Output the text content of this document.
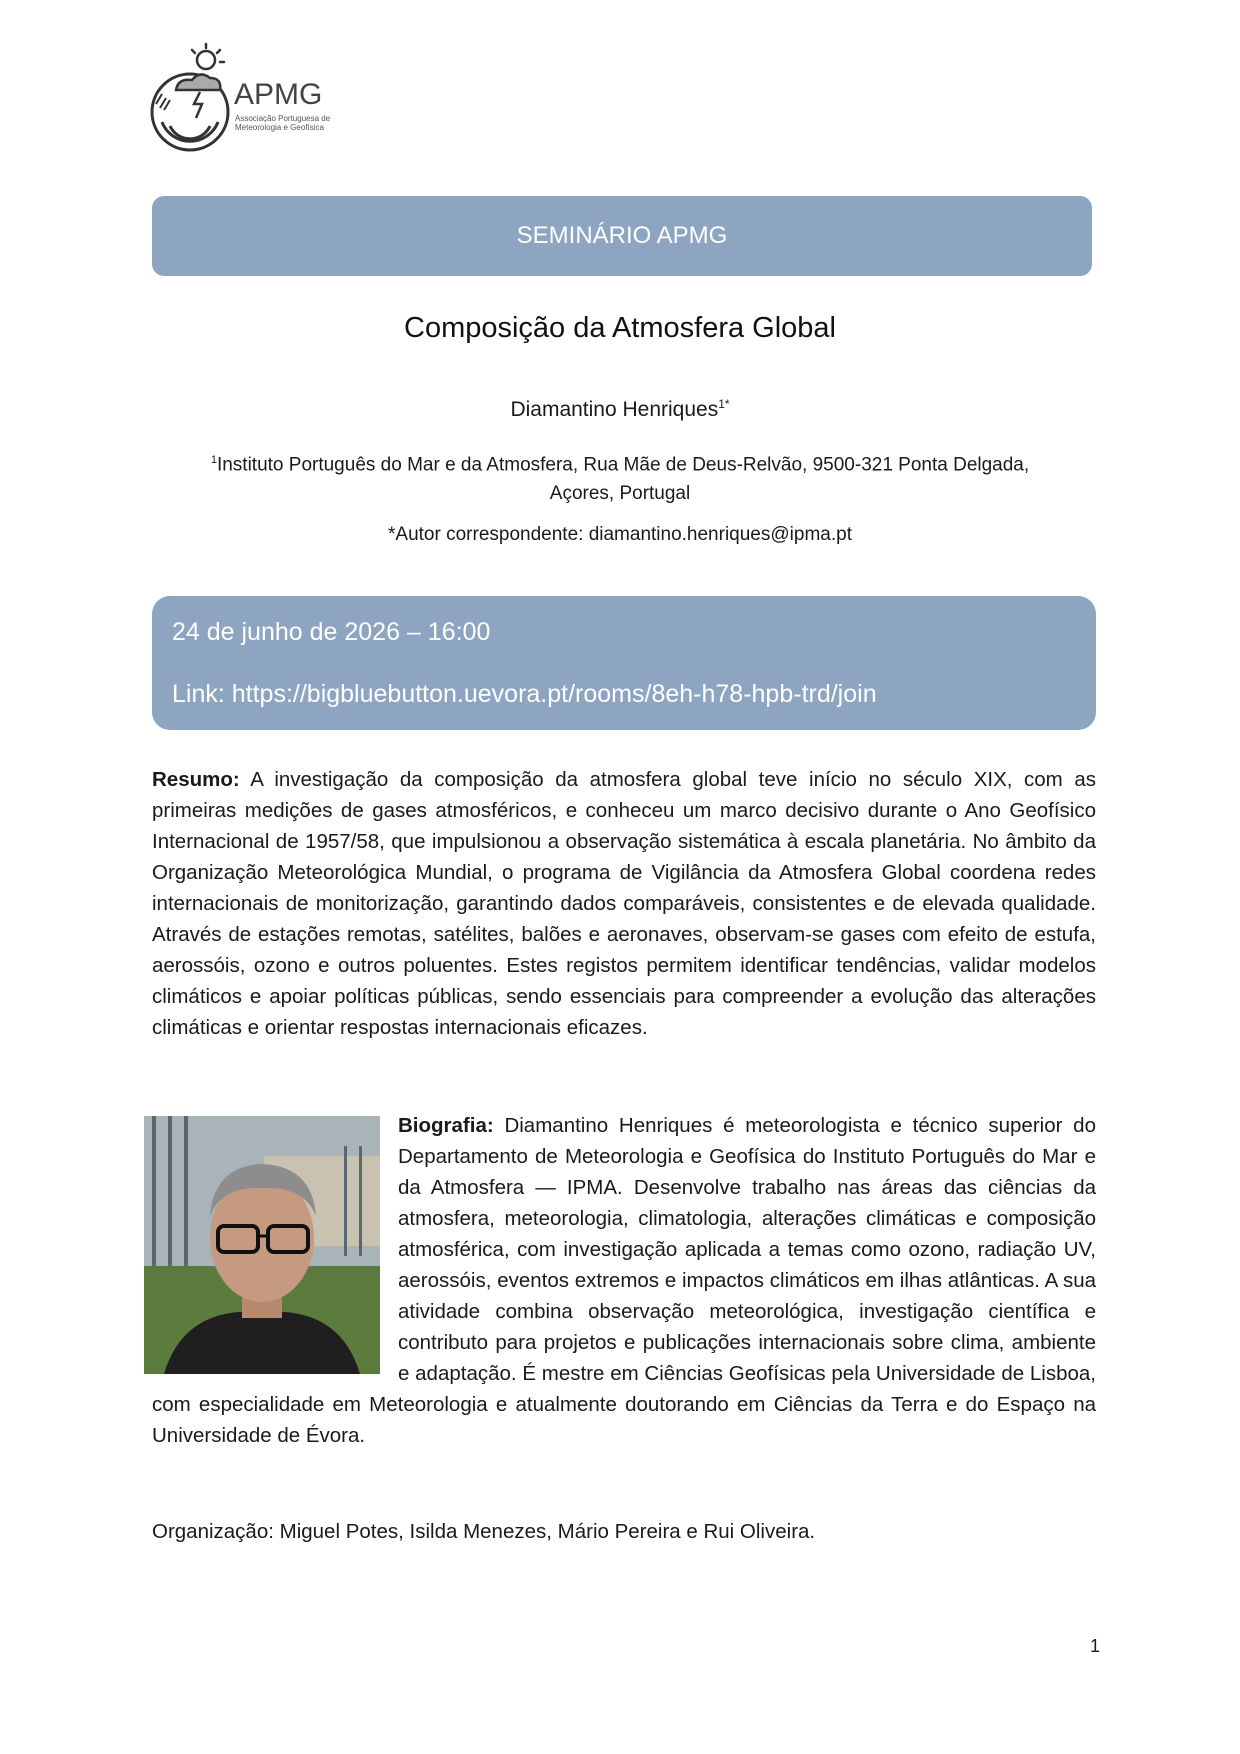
APMG
Associação Portuguesa de
Meteorologia e Geofísica
SEMINÁRIO APMG
Composição da Atmosfera Global
Diamantino Henriques$^{1*}$
$^1$Instituto Português do Mar e da Atmosfera, Rua Mãe de Deus-Relvão, 9500-321 Ponta Delgada,
Açores, Portugal
*Autor correspondente: diamantino.henriques@ipma.pt
24 de junho de 2026 – 16:00
Link: https://bigbluebutton.uevora.pt/rooms/8eh-h78-hpb-trd/join
Resumo: A investigação da composição da atmosfera global teve início no século XIX, com as primeiras medições de gases atmosféricos, e conheceu um marco decisivo durante o Ano Geofísico Internacional de 1957/58, que impulsionou a observação sistemática à escala planetária. No âmbito da Organização Meteorológica Mundial, o programa de Vigilância da Atmosfera Global coordena redes internacionais de monitorização, garantindo dados comparáveis, consistentes e de elevada qualidade. Através de estações remotas, satélites, balões e aeronaves, observam-se gases com efeito de estufa, aerossóis, ozono e outros poluentes. Estes registos permitem identificar tendências, validar modelos climáticos e apoiar políticas públicas, sendo essenciais para compreender a evolução das alterações climáticas e orientar respostas internacionais eficazes.
Biografia: Diamantino Henriques é meteorologista e técnico superior do Departamento de Meteorologia e Geofísica do Instituto Português do Mar e da Atmosfera — IPMA. Desenvolve trabalho nas áreas das ciências da atmosfera, meteorologia, climatologia, alterações climáticas e composição atmosférica, com investigação aplicada a temas como ozono, radiação UV, aerossóis, eventos extremos e impactos climáticos em ilhas atlânticas. A sua atividade combina observação meteorológica, investigação científica e contributo para projetos e publicações internacionais sobre clima, ambiente e adaptação. É mestre em Ciências Geofísicas pela Universidade de Lisboa, com especialidade em Meteorologia e atualmente doutorando em Ciências da Terra e do Espaço na Universidade de Évora.
Organização: Miguel Potes, Isilda Menezes, Mário Pereira e Rui Oliveira.
1
